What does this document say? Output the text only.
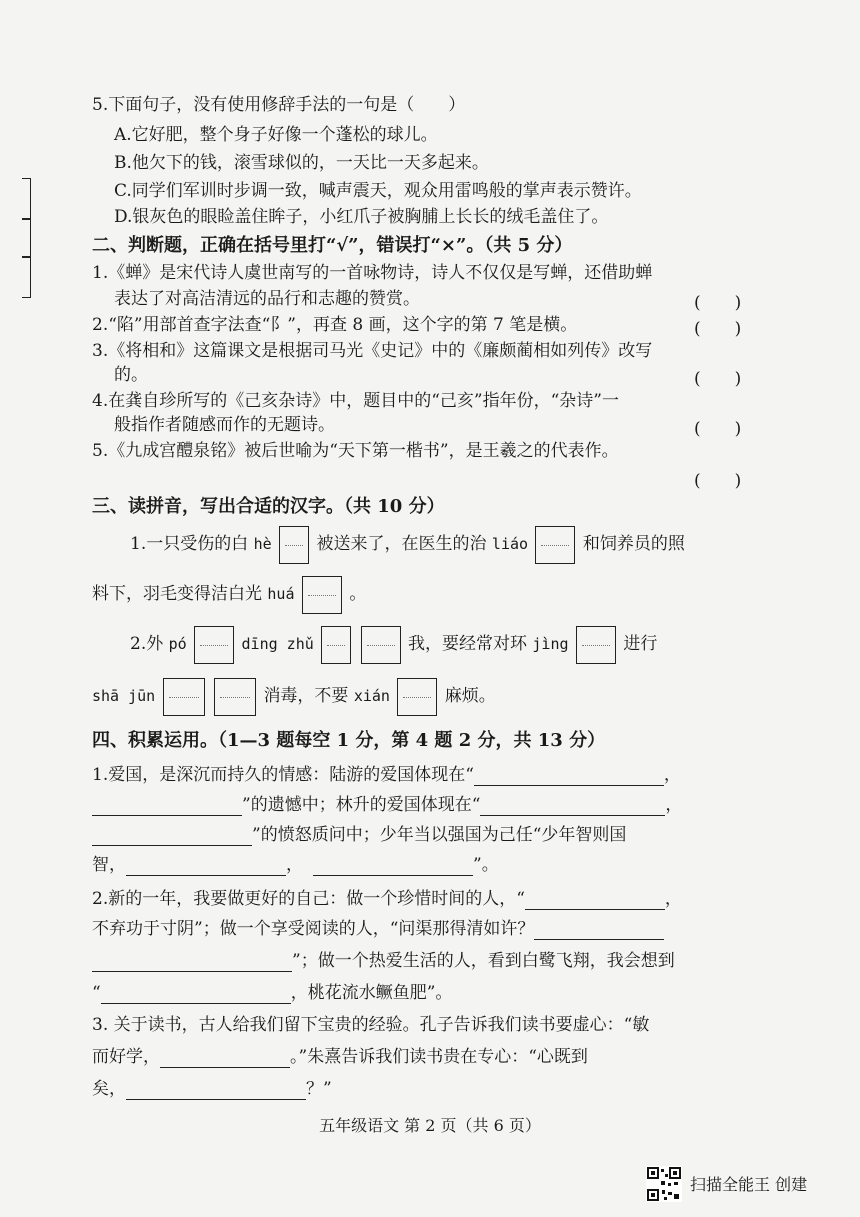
5.下面句子，没有使用修辞手法的一句是（　　）
A.它好肥，整个身子好像一个蓬松的球儿。
B.他欠下的钱，滚雪球似的，一天比一天多起来。
C.同学们军训时步调一致，喊声震天，观众用雷鸣般的掌声表示赞许。
D.银灰色的眼睑盖住眸子，小红爪子被胸脯上长长的绒毛盖住了。
二、判断题，正确在括号里打“√”，错误打“×”。（共 5 分）
1.《蝉》是宋代诗人虞世南写的一首咏物诗，诗人不仅仅是写蝉，还借助蝉
表达了对高洁清远的品行和志趣的赞赏。	(　　)
2.“陷”用部首查字法查“阝”，再查 8 画，这个字的第 7 笔是横。	(　　)
3.《将相和》这篇课文是根据司马光《史记》中的《廉颇蔺相如列传》改写
的。	(　　)
4.在龚自珍所写的《己亥杂诗》中，题目中的“己亥”指年份，“杂诗”一
般指作者随感而作的无题诗。	(　　)
5.《九成宫醴泉铭》被后世喻为“天下第一楷书”，是王羲之的代表作。
(　　)
三、读拼音，写出合适的汉字。（共 10 分）
1.一只受伤的白 hè	被送来了，在医生的治 liáo	和饲养员的照
料下，羽毛变得洁白光 huá	。
2.外 pó	dīng zhǔ	我，要经常对环 jìng	进行
shā jūn	消毒，不要 xián	麻烦。
四、积累运用。（1—3 题每空 1 分，第 4 题 2 分，共 13 分）
1.爱国，是深沉而持久的情感：陆游的爱国体现在“	，
”的遗憾中；林升的爱国体现在“	，
”的愤怒质问中；少年当以强国为己任“少年智则国
智，	，	”。
2.新的一年，我要做更好的自己：做一个珍惜时间的人，“	，
不弃功于寸阴”；做一个享受阅读的人，“问渠那得清如许？
”；做一个热爱生活的人，看到白鹭飞翔，我会想到
“	，桃花流水鳜鱼肥”。
3. 关于读书，古人给我们留下宝贵的经验。孔子告诉我们读书要虚心：“敏
而好学，	。”朱熹告诉我们读书贵在专心：“心既到
矣，	？”
五年级语文 第 2 页（共 6 页）
扫描全能王 创建
